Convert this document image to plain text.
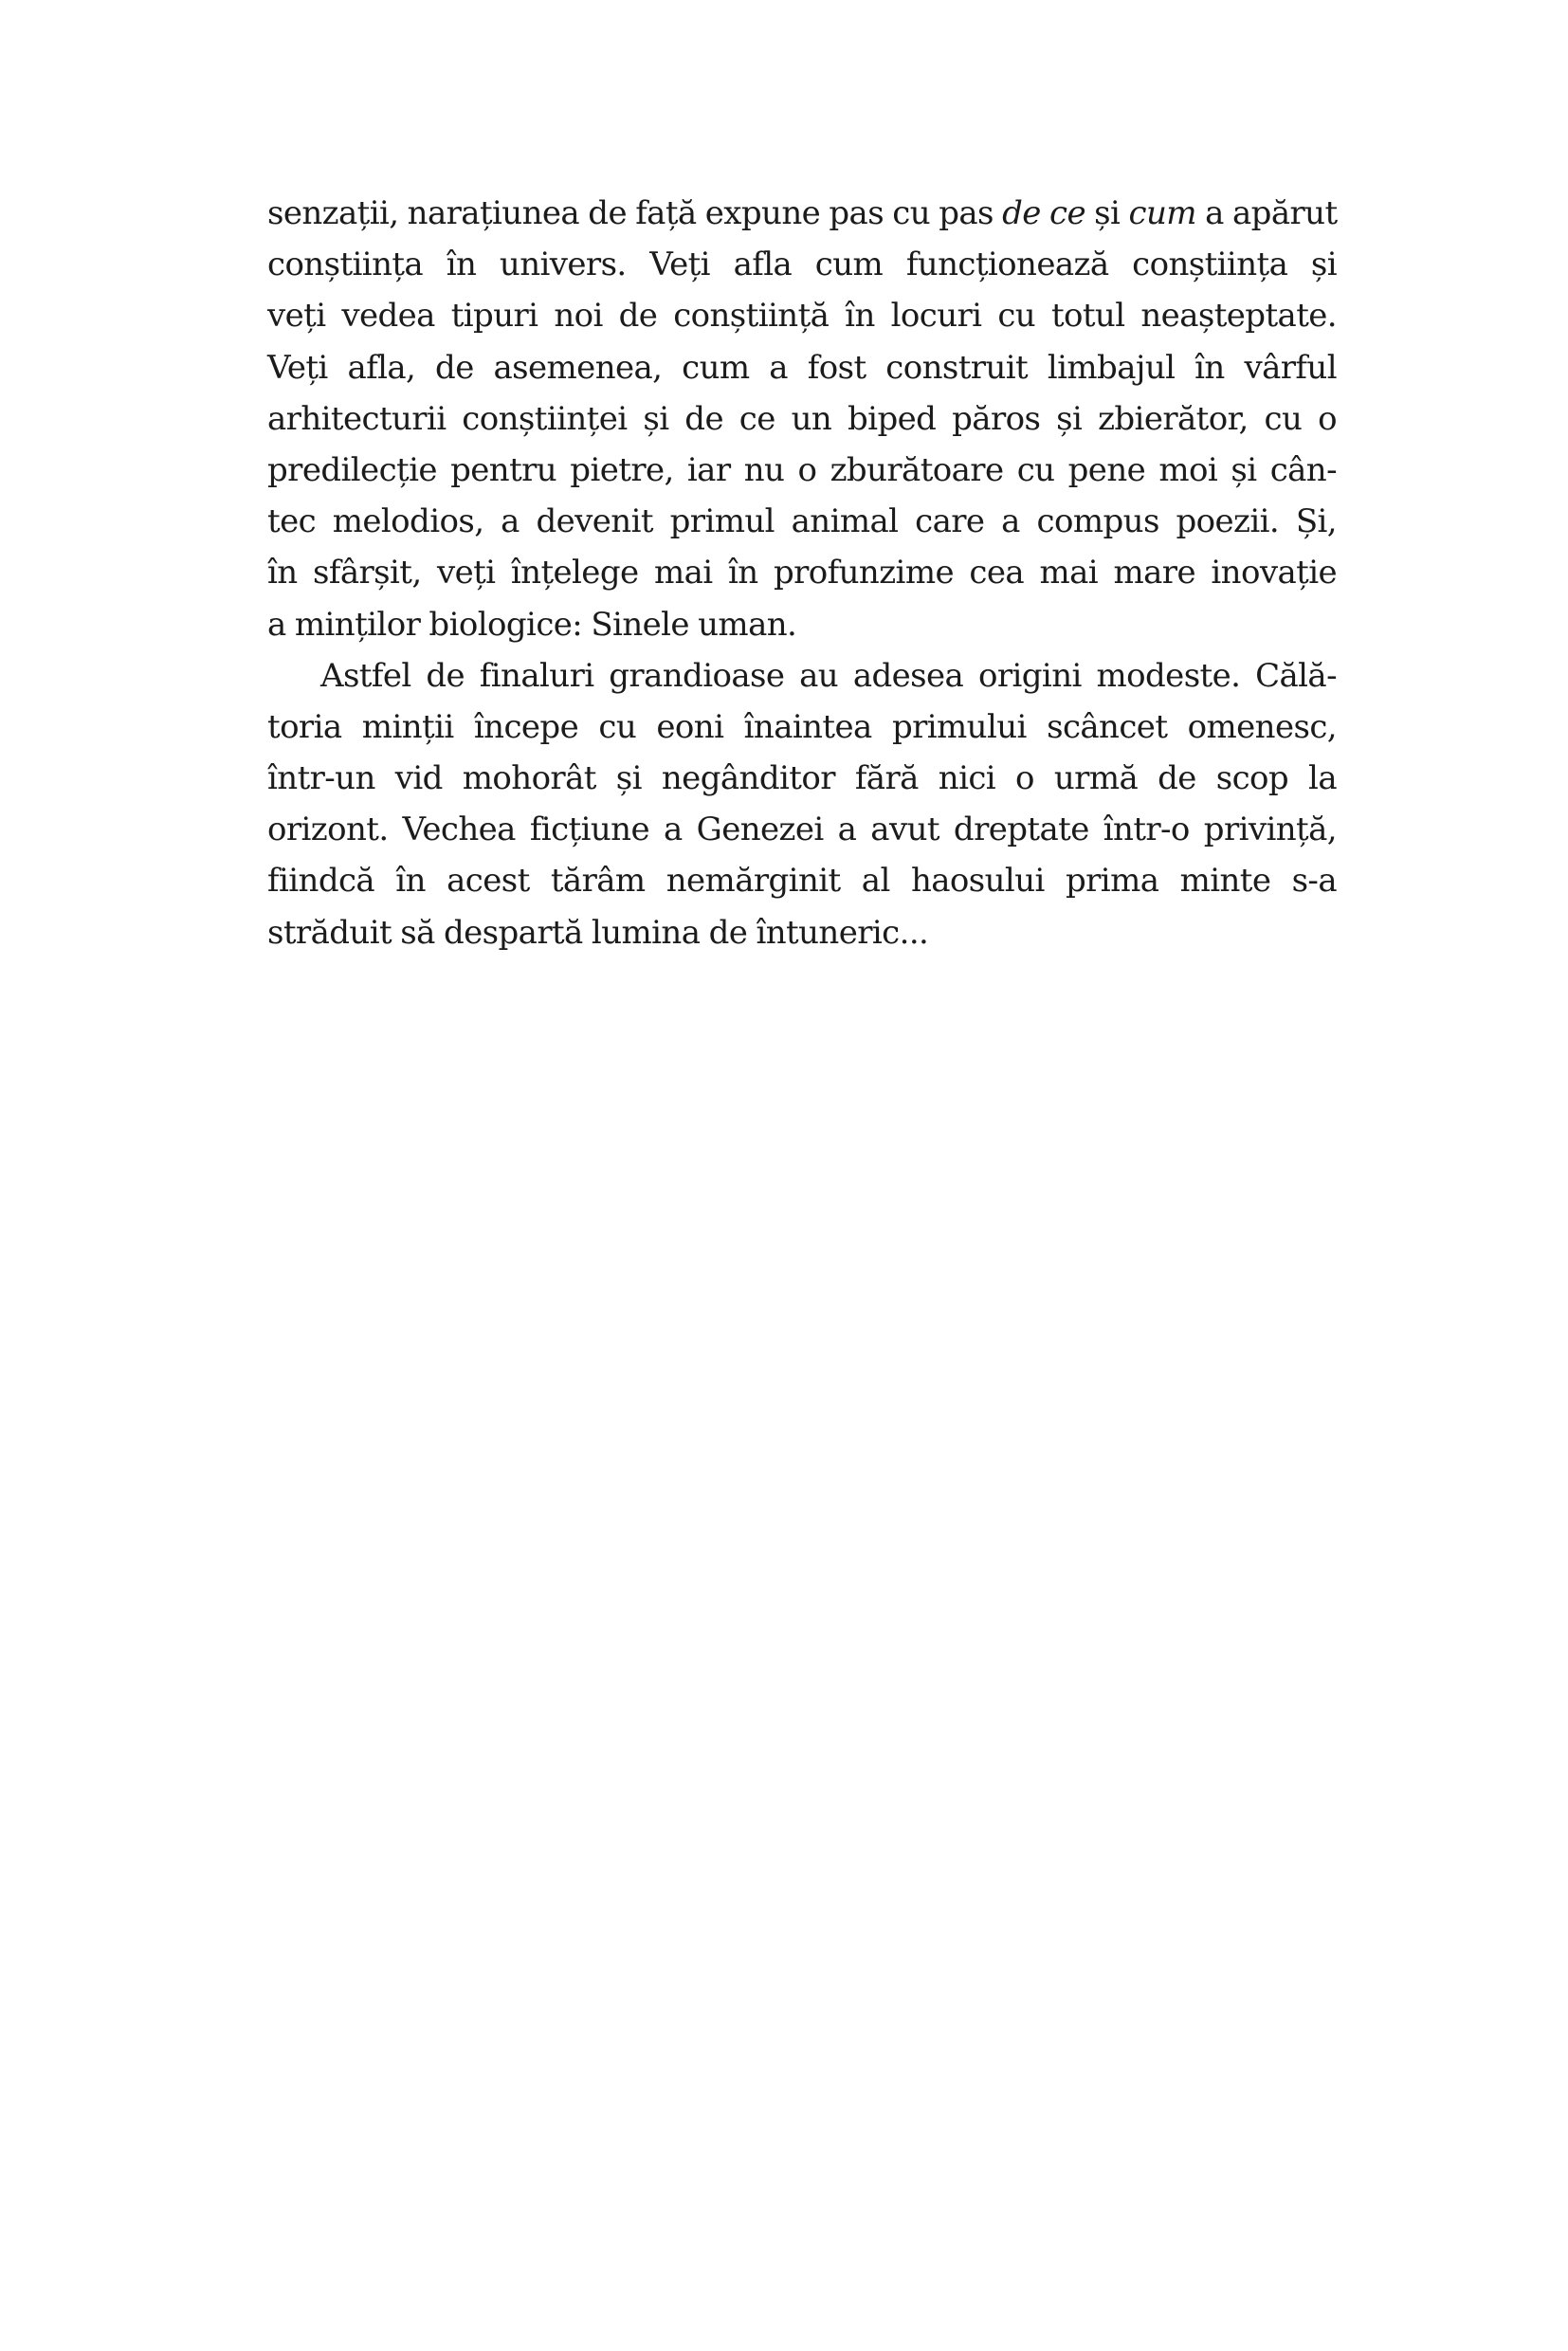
senzații, narațiunea de față expune pas cu pas de ce și cum a apărut
conștiința în univers. Veți afla cum funcționează conștiința și
veți vedea tipuri noi de conștiință în locuri cu totul neașteptate.
Veți afla, de asemenea, cum a fost construit limbajul în vârful
arhitecturii conștiinței și de ce un biped păros și zbierător, cu o
predilecție pentru pietre, iar nu o zburătoare cu pene moi și cân-
tec melodios, a devenit primul animal care a compus poezii. Și,
în sfârșit, veți înțelege mai în profunzime cea mai mare inovație
a minților biologice: Sinele uman.
Astfel de finaluri grandioase au adesea origini modeste. Călă-
toria minții începe cu eoni înaintea primului scâncet omenesc,
într-un vid mohorât și negânditor fără nici o urmă de scop la
orizont. Vechea ficțiune a Genezei a avut dreptate într-o privință,
fiindcă în acest tărâm nemărginit al haosului prima minte s-a
străduit să despartă lumina de întuneric...
